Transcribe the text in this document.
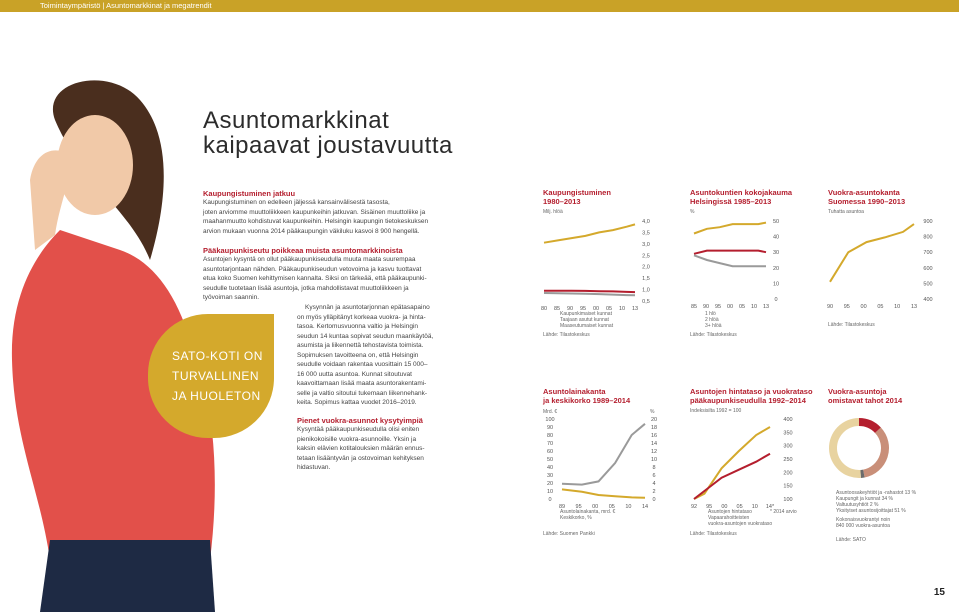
Toimintaympäristö | Asuntomarkkinat ja megatrendit
Asuntomarkkinat
kaipaavat joustavuutta
Kaupungistuminen jatkuu
Kaupungistuminen on edelleen jäljessä kansainvälisestä tasosta,
joten arviomme muuttoliikkeen kaupunkeihin jatkuvan. Sisäinen muuttoliike ja
maahanmuutto kohdistuvat kaupunkeihin. Helsingin kaupungin tietokeskuksen
arvion mukaan vuonna 2014 pääkaupungin väkiluku kasvoi 8 900 hengellä.
Pääkaupunkiseutu poikkeaa muista asuntomarkkinoista
Asuntojen kysyntä on ollut pääkaupunkiseudulla muuta maata suurempaa
asuntotarjontaan nähden. Pääkaupunkiseudun vetovoima ja kasvu tuottavat
etua koko Suomen kehittymisen kannalta. Siksi on tärkeää, että pääkaupunki-
seudulle tuotetaan lisää asuntoja, jotka mahdollistavat muuttoliikkeen ja
työvoiman saannin.
Kysynnän ja asuntotarjonnan epätasapaino
on myös ylläpitänyt korkeaa vuokra- ja hinta-
tasoa. Kertomusvuonna valtio ja Helsingin
seudun 14 kuntaa sopivat seudun maankäytöä,
asumista ja liikennettä tehostavista toimista.
Sopimuksen tavoitteena on, että Helsingin
seudulle voidaan rakentaa vuosittain 15 000–
16 000 uutta asuntoa. Kunnat sitoutuvat
kaavoittamaan lisää maata asuntorakentami-
selle ja valtio sitoutui tukemaan liikennehank-
keita. Sopimus kattaa vuodet 2016–2019.
Pienet vuokra-asunnot kysytyimpiä
Kysyntää pääkaupunkiseudulla olisi eniten
pienikokoisille vuokra-asunnoille. Yksin ja
kaksin elävien kotitalouksien määrän ennus-
tetaan lisääntyvän ja ostovoiman kehityksen
hidastuvan.
SATO-KOTI ON
TURVALLINEN
JA HUOLETON
Kaupungistuminen
1980–2013
Milj. hlöä
80 85 90 95 00 05 10 13
4,0
3,5
3,0
2,5
2,0
1,5
1,0
0,5
Kaupunkimaiset kunnat
Taajaan asutut kunnat
Maaseutumaiset kunnat
Lähde: Tilastokeskus
Asuntokuntien kokojakauma
Helsingissä 1985–2013
%
85 90 95 00 05 10 13
50
40
30
20
10
0
1 hlö
2 hlöä
3+ hlöä
Lähde: Tilastokeskus
Vuokra-asuntokanta
Suomessa 1990–2013
Tuhatta asuntoa
90 95 00 05 10 13
900
800
700
600
500
400
Lähde: Tilastokeskus
Asuntolainakanta
ja keskikorko 1989–2014
Mrd. €	%
89 95 00 05 10 14
100
90
80
70
60
50
40
30
20
10
0
20
18
16
14
12
10
8
6
4
2
0
Asuntolainakanta, mrd. €
Keskikorko, %
Lähde: Suomen Pankki
Asuntojen hintataso ja vuokrataso
pääkaupunkiseudulla 1992–2014
Indeksisilta 1992 = 100
92 95 00 05 10 14*
400
350
300
250
200
150
100
Asuntojen hintataso
Vapaarahoitteisten
vuokra-asuntojen vuokrataso
* 2014 arvio
Lähde: Tilastokeskus
Vuokra-asuntoja
omistavat tahot 2014
Asuntoosakeyhtiöt ja -rahastot 13 %
Kaupungit ja kunnat 34 %
Valtuutusyhtiöt 2 %
Yksityiset asuntosijoittajat 51 %
Kokonaisvuokrantyi noin
840 000 vuokra-asuntoa
Lähde: SATO
15
